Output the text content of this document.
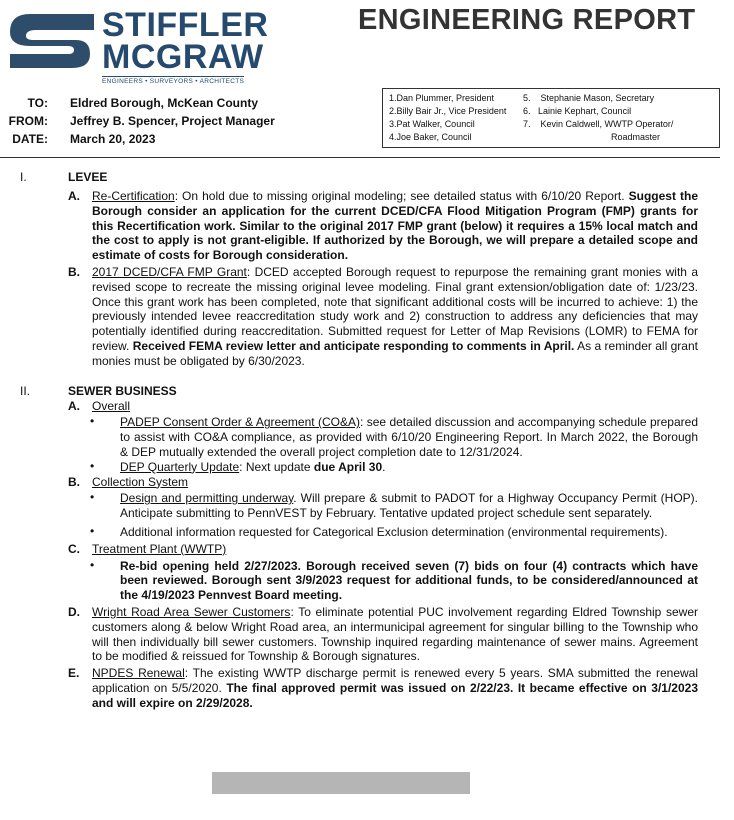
STIFFLER
MCGRAW
ENGINEERS • SURVEYORS • ARCHITECTS
ENGINEERING REPORT
TO: Eldred Borough, McKean County
FROM: Jeffrey B. Spencer, Project Manager
DATE: March 20, 2023
1.Dan Plummer, President
2.Billy Bair Jr., Vice President
3.Pat Walker, Council
4.Joe Baker, Council
5.    Stephanie Mason, Secretary
6.   Lainie Kephart, Council
7.    Kevin Caldwell, WWTP Operator/
Roadmaster
I.	LEVEE
A. Re-Certification: On hold due to missing original modeling; see detailed status with 6/10/20 Report. Suggest the Borough consider an application for the current DCED/CFA Flood Mitigation Program (FMP) grants for this Recertification work. Similar to the original 2017 FMP grant (below) it requires a 15% local match and the cost to apply is not grant-eligible. If authorized by the Borough, we will prepare a detailed scope and estimate of costs for Borough consideration.
B. 2017 DCED/CFA FMP Grant: DCED accepted Borough request to repurpose the remaining grant monies with a revised scope to recreate the missing original levee modeling. Final grant extension/obligation date of: 1/23/23. Once this grant work has been completed, note that significant additional costs will be incurred to achieve: 1) the previously intended levee reaccreditation study work and 2) construction to address any deficiencies that may potentially identified during reaccreditation. Submitted request for Letter of Map Revisions (LOMR) to FEMA for review. Received FEMA review letter and anticipate responding to comments in April. As a reminder all grant monies must be obligated by 6/30/2023.
II.	SEWER BUSINESS
A. Overall
• PADEP Consent Order & Agreement (CO&A): see detailed discussion and accompanying schedule prepared to assist with CO&A compliance, as provided with 6/10/20 Engineering Report. In March 2022, the Borough & DEP mutually extended the overall project completion date to 12/31/2024.
• DEP Quarterly Update: Next update due April 30.
B. Collection System
• Design and permitting underway. Will prepare & submit to PADOT for a Highway Occupancy Permit (HOP). Anticipate submitting to PennVEST by February. Tentative updated project schedule sent separately.
• Additional information requested for Categorical Exclusion determination (environmental requirements).
C. Treatment Plant (WWTP)
• Re-bid opening held 2/27/2023. Borough received seven (7) bids on four (4) contracts which have been reviewed. Borough sent 3/9/2023 request for additional funds, to be considered/announced at the 4/19/2023 Pennvest Board meeting.
D. Wright Road Area Sewer Customers: To eliminate potential PUC involvement regarding Eldred Township sewer customers along & below Wright Road area, an intermunicipal agreement for singular billing to the Township who will then individually bill sewer customers. Township inquired regarding maintenance of sewer mains. Agreement to be modified & reissued for Township & Borough signatures.
E. NPDES Renewal: The existing WWTP discharge permit is renewed every 5 years. SMA submitted the renewal application on 5/5/2020. The final approved permit was issued on 2/22/23. It became effective on 3/1/2023 and will expire on 2/29/2028.
